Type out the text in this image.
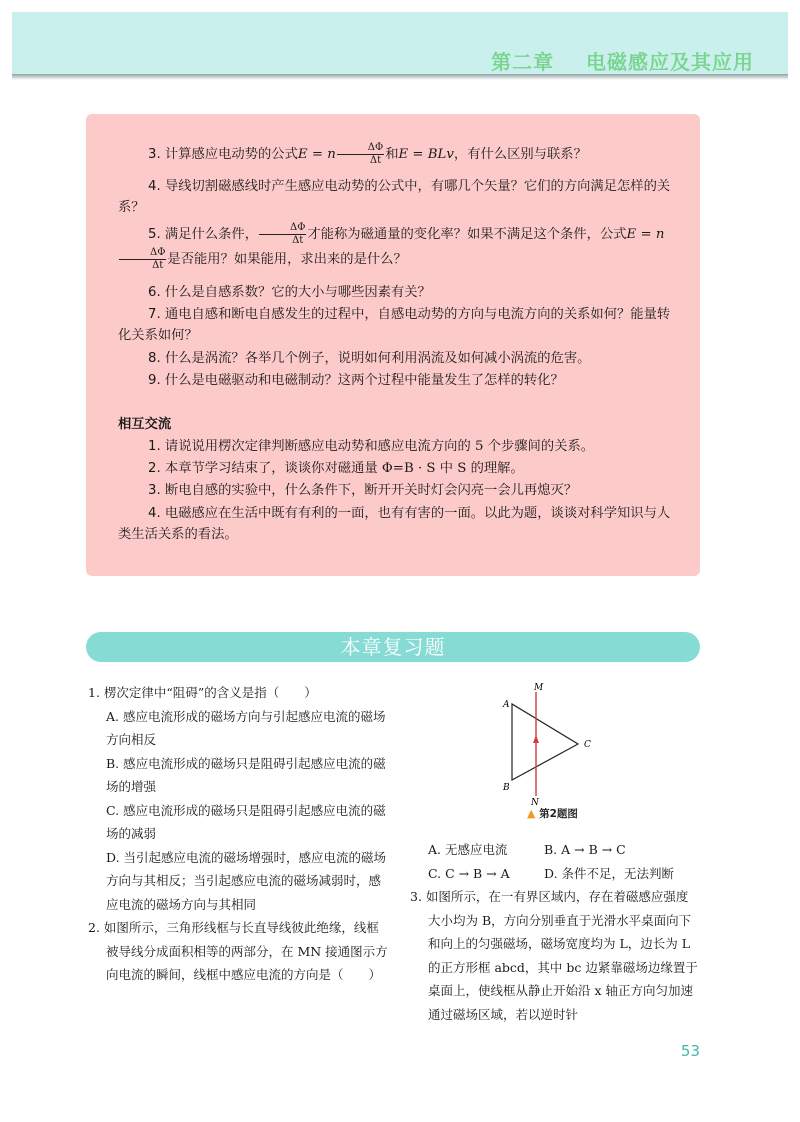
第二章    电磁感应及其应用

3. 计算感应电动势的公式E = n $\frac{\Delta\Phi}{\Delta t}$ 和E = BLv，有什么区别与联系？

4. 导线切割磁感线时产生感应电动势的公式中，有哪几个矢量？它们的方向满足怎样的关系？

5. 满足什么条件， $\frac{\Delta\Phi}{\Delta t}$ 才能称为磁通量的变化率？如果不满足这个条件，公式E = n
$\frac{\Delta\Phi}{\Delta t}$ 是否能用？如果能用，求出来的是什么？

6. 什么是自感系数？它的大小与哪些因素有关？

7. 通电自感和断电自感发生的过程中，自感电动势的方向与电流方向的关系如何？能量转化关系如何？

8. 什么是涡流？各举几个例子，说明如何利用涡流及如何减小涡流的危害。

9. 什么是电磁驱动和电磁制动？这两个过程中能量发生了怎样的转化？

相互交流

1. 请说说用楞次定律判断感应电动势和感应电流方向的 5 个步骤间的关系。

2. 本章节学习结束了，谈谈你对磁通量 Φ=B · S 中 S 的理解。

3. 断电自感的实验中，什么条件下，断开开关时灯会闪亮一会儿再熄灭？

4. 电磁感应在生活中既有有利的一面，也有有害的一面。以此为题，谈谈对科学知识与人类生活关系的看法。

本章复习题

1. 楞次定律中“阻碍”的含义是指（　　）

A. 感应电流形成的磁场方向与引起感应电流的磁场方向相反

B. 感应电流形成的磁场只是阻碍引起感应电流的磁场的增强

C. 感应电流形成的磁场只是阻碍引起感应电流的磁场的减弱

D. 当引起感应电流的磁场增强时，感应电流的磁场方向与其相反；当引起感应电流的磁场减弱时，感应电流的磁场方向与其相同

2. 如图所示，三角形线框与长直导线彼此绝缘，线框被导线分成面积相等的两部分，在 MN 接通图示方向电流的瞬间，线框中感应电流的方向是（　　）

M
N
A
B
C
▲ 第2题图

A. 无感应电流	B. A → B → C

C. C → B → A	D. 条件不足，无法判断

3. 如图所示，在一有界区域内，存在着磁感应强度大小均为 B，方向分别垂直于光滑水平桌面向下和向上的匀强磁场，磁场宽度均为 L，边长为 L 的正方形框 abcd，其中 bc 边紧靠磁场边缘置于桌面上，使线框从静止开始沿 x 轴正方向匀加速通过磁场区域，若以逆时针

53
